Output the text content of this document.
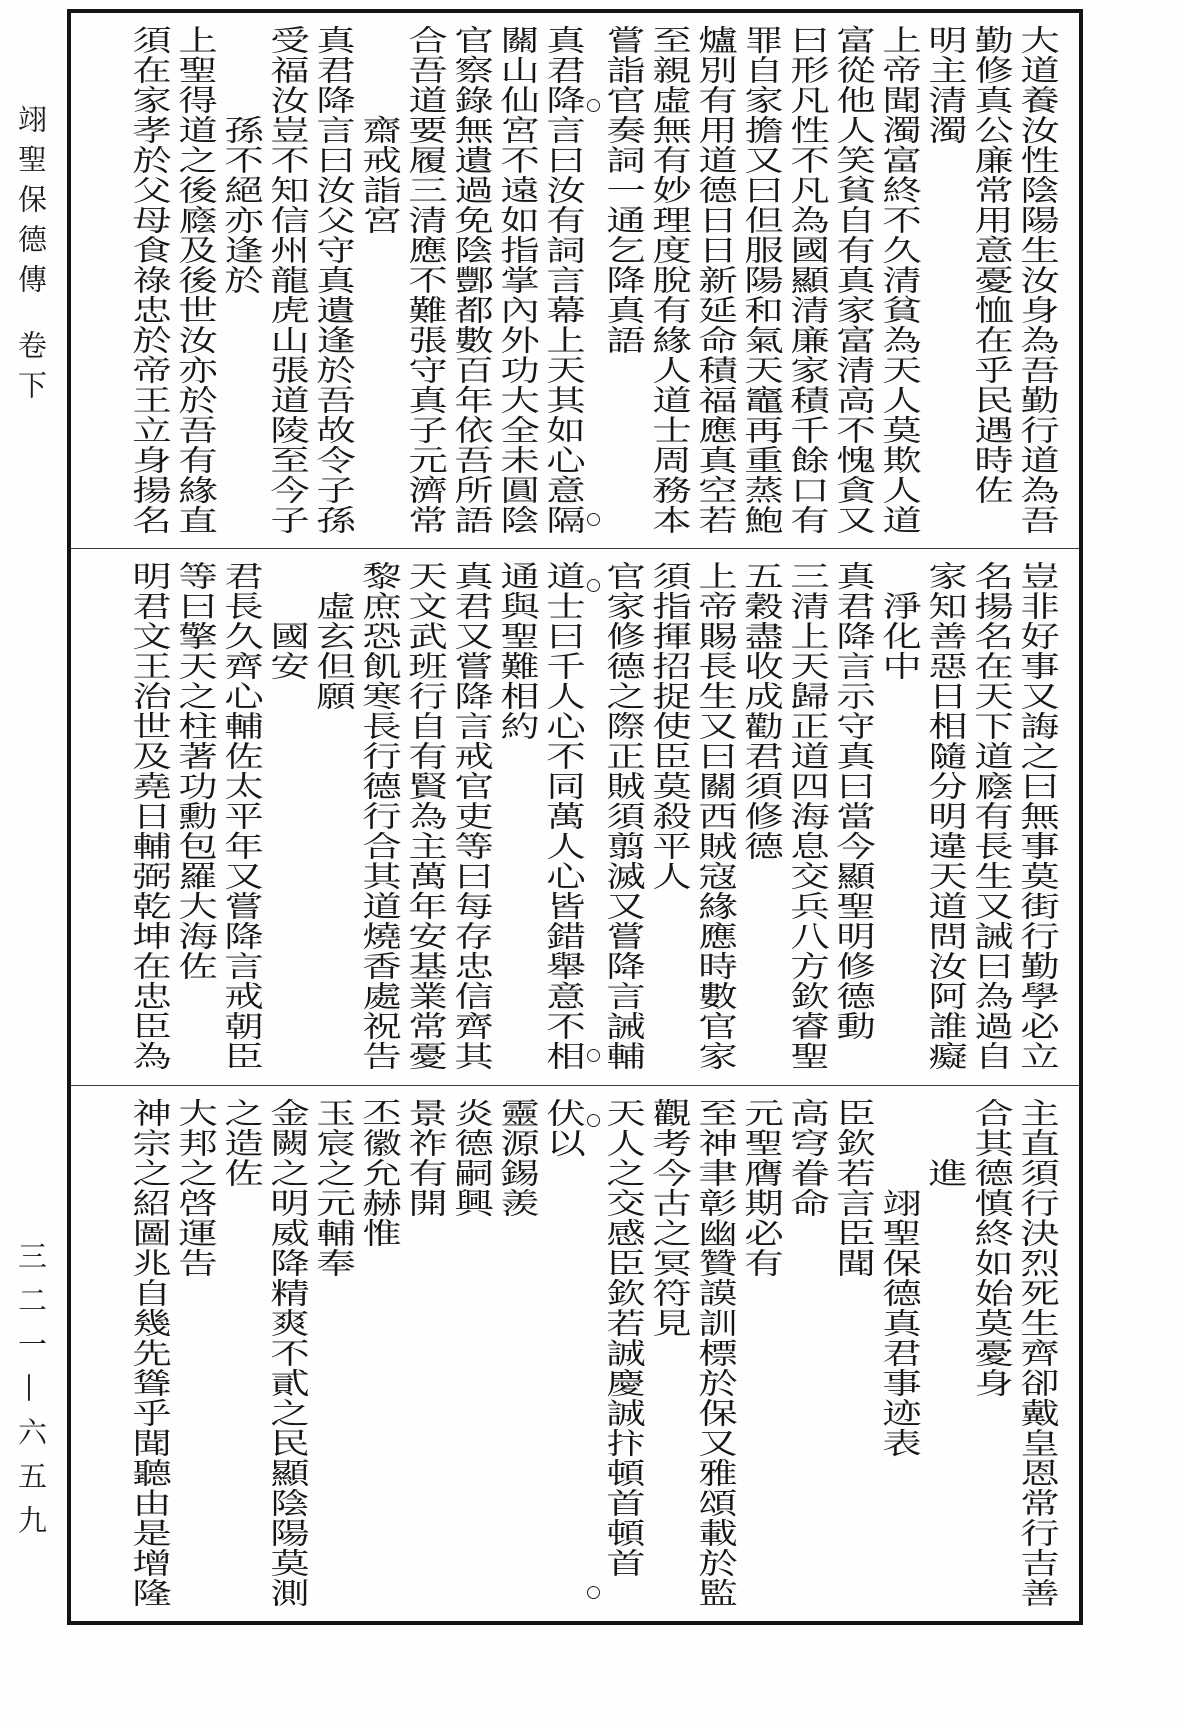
翊聖保德傳
卷下
三二一—六五九
大道養汝性陰陽生汝身為吾勤行道為吾
勤修真公廉常用意憂恤在乎民遇時佐
明主清濁
上帝聞濁富終不久清貧為天人莫欺人道
富從他人笑貧自有真家富清高不愧貪又
曰形凡性不凡為國顯清廉家積千餘口有
罪自家擔又曰但服陽和氣天竈再重蒸鮑
爐別有用道德日日新延命積福應真空若
至親虛無有妙理度脫有緣人道士周務本
嘗詣官奏詞一通乞降真語
真君降言曰汝有詞言幕上天其如心意隔
關山仙宮不遠如指掌內外功大全未圓陰
官察錄無遺過免陰酆都數百年依吾所語
合吾道要履三清應不難張守真子元濟常
齋戒詣宮
真君降言曰汝父守真遺逢於吾故令子孫
受福汝豈不知信州龍虎山張道陵至今子
孫不絕亦逢於
上聖得道之後廕及後世汝亦於吾有緣直
須在家孝於父母食祿忠於帝王立身揚名
豈非好事又誨之曰無事莫街行勤學必立
名揚名在天下道廕有長生又誡曰為過自
家知善惡日相隨分明違天道問汝阿誰癡
淨化中
真君降言示守真曰當今顯聖明修德動
三清上天歸正道四海息交兵八方欽睿聖
五穀盡收成勸君須修德
上帝賜長生又曰關西賊寇緣應時數官家
須指揮招捉使臣莫殺平人
官家修德之際正賊須翦滅又嘗降言誡輔
道士曰千人心不同萬人心皆錯舉意不相
通與聖難相約
真君又嘗降言戒官吏等曰每存忠信齊其
天文武班行自有賢為主萬年安基業常憂
黎庶恐飢寒長行德行合其道燒香處祝告
虛玄但願
國安
君長久齊心輔佐太平年又嘗降言戒朝臣
等曰擎天之柱著功勳包羅大海佐
明君文王治世及堯日輔弼乾坤在忠臣為
主直須行決烈死生齊卻戴皇恩常行吉善
合其德慎終如始莫憂身
進
翊聖保德真君事迹表
臣欽若言臣聞
高穹眷命
元聖膺期必有
至神聿彰幽贊謨訓標於保又雅頌載於監
觀考今古之冥符見
天人之交感臣欽若誠慶誠抃頓首頓首
伏以
靈源錫羨
炎德嗣興
景祚有開
丕徽允赫惟
玉宸之元輔奉
金闕之明威降精爽不貳之民顯陰陽莫測
之造佐
大邦之啓運告
神宗之紹圖兆自幾先聳乎聞聽由是增隆
